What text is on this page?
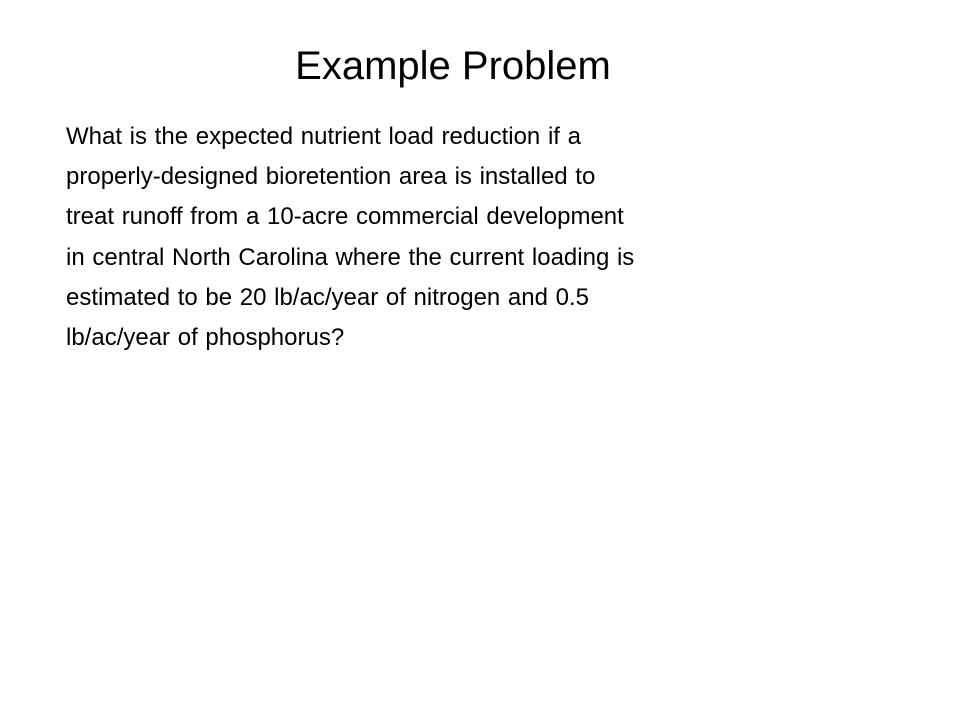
Example Problem
What is the expected nutrient load reduction if a
properly-designed bioretention area is installed to
treat runoff from a 10-acre commercial development
in central North Carolina where the current loading is
estimated to be 20 lb/ac/year of nitrogen and 0.5
lb/ac/year of phosphorus?
